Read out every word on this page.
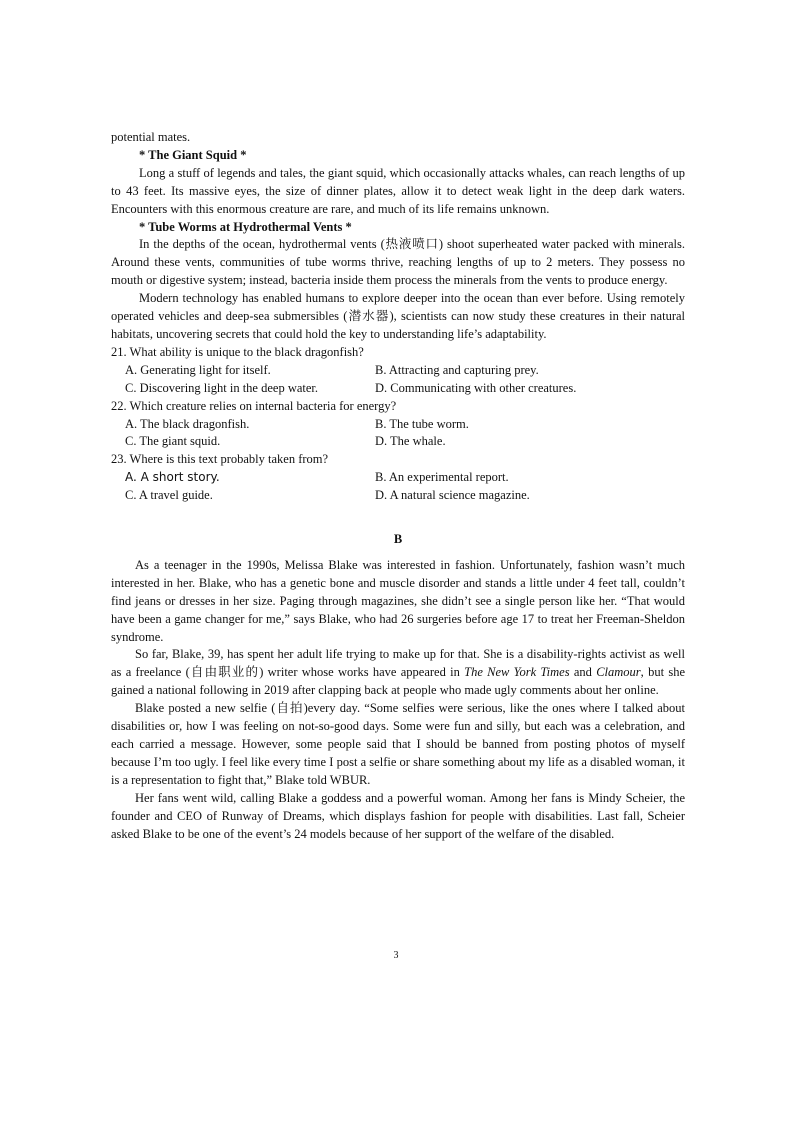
potential mates.

* The Giant Squid *

Long a stuff of legends and tales, the giant squid, which occasionally attacks whales, can reach lengths of up to 43 feet. Its massive eyes, the size of dinner plates, allow it to detect weak light in the deep dark waters. Encounters with this enormous creature are rare, and much of its life remains unknown.

* Tube Worms at Hydrothermal Vents *

In the depths of the ocean, hydrothermal vents (热液喷口) shoot superheated water packed with minerals. Around these vents, communities of tube worms thrive, reaching lengths of up to 2 meters. They possess no mouth or digestive system; instead, bacteria inside them process the minerals from the vents to produce energy.

Modern technology has enabled humans to explore deeper into the ocean than ever before. Using remotely operated vehicles and deep-sea submersibles (潜水器), scientists can now study these creatures in their natural habitats, uncovering secrets that could hold the key to understanding life’s adaptability.

21. What ability is unique to the black dragonfish?

A. Generating light for itself.	B. Attracting and capturing prey.
C. Discovering light in the deep water.	D. Communicating with other creatures.

22. Which creature relies on internal bacteria for energy?

A. The black dragonfish.	B. The tube worm.
C. The giant squid.	D. The whale.

23. Where is this text probably taken from?

A. A short story.	B. An experimental report.
C. A travel guide.	D. A natural science magazine.

B

As a teenager in the 1990s, Melissa Blake was interested in fashion. Unfortunately, fashion wasn’t much interested in her. Blake, who has a genetic bone and muscle disorder and stands a little under 4 feet tall, couldn’t find jeans or dresses in her size. Paging through magazines, she didn’t see a single person like her. “That would have been a game changer for me,” says Blake, who had 26 surgeries before age 17 to treat her Freeman-Sheldon syndrome.

So far, Blake, 39, has spent her adult life trying to make up for that. She is a disability-rights activist as well as a freelance (自由职业的) writer whose works have appeared in The New York Times and Clamour, but she gained a national following in 2019 after clapping back at people who made ugly comments about her online.

Blake posted a new selfie (自拍)every day. “Some selfies were serious, like the ones where I talked about disabilities or, how I was feeling on not-so-good days. Some were fun and silly, but each was a celebration, and each carried a message. However, some people said that I should be banned from posting photos of myself because I’m too ugly. I feel like every time I post a selfie or share something about my life as a disabled woman, it is a representation to fight that,” Blake told WBUR.

Her fans went wild, calling Blake a goddess and a powerful woman. Among her fans is Mindy Scheier, the founder and CEO of Runway of Dreams, which displays fashion for people with disabilities. Last fall, Scheier asked Blake to be one of the event’s 24 models because of her support of the welfare of the disabled.

3
